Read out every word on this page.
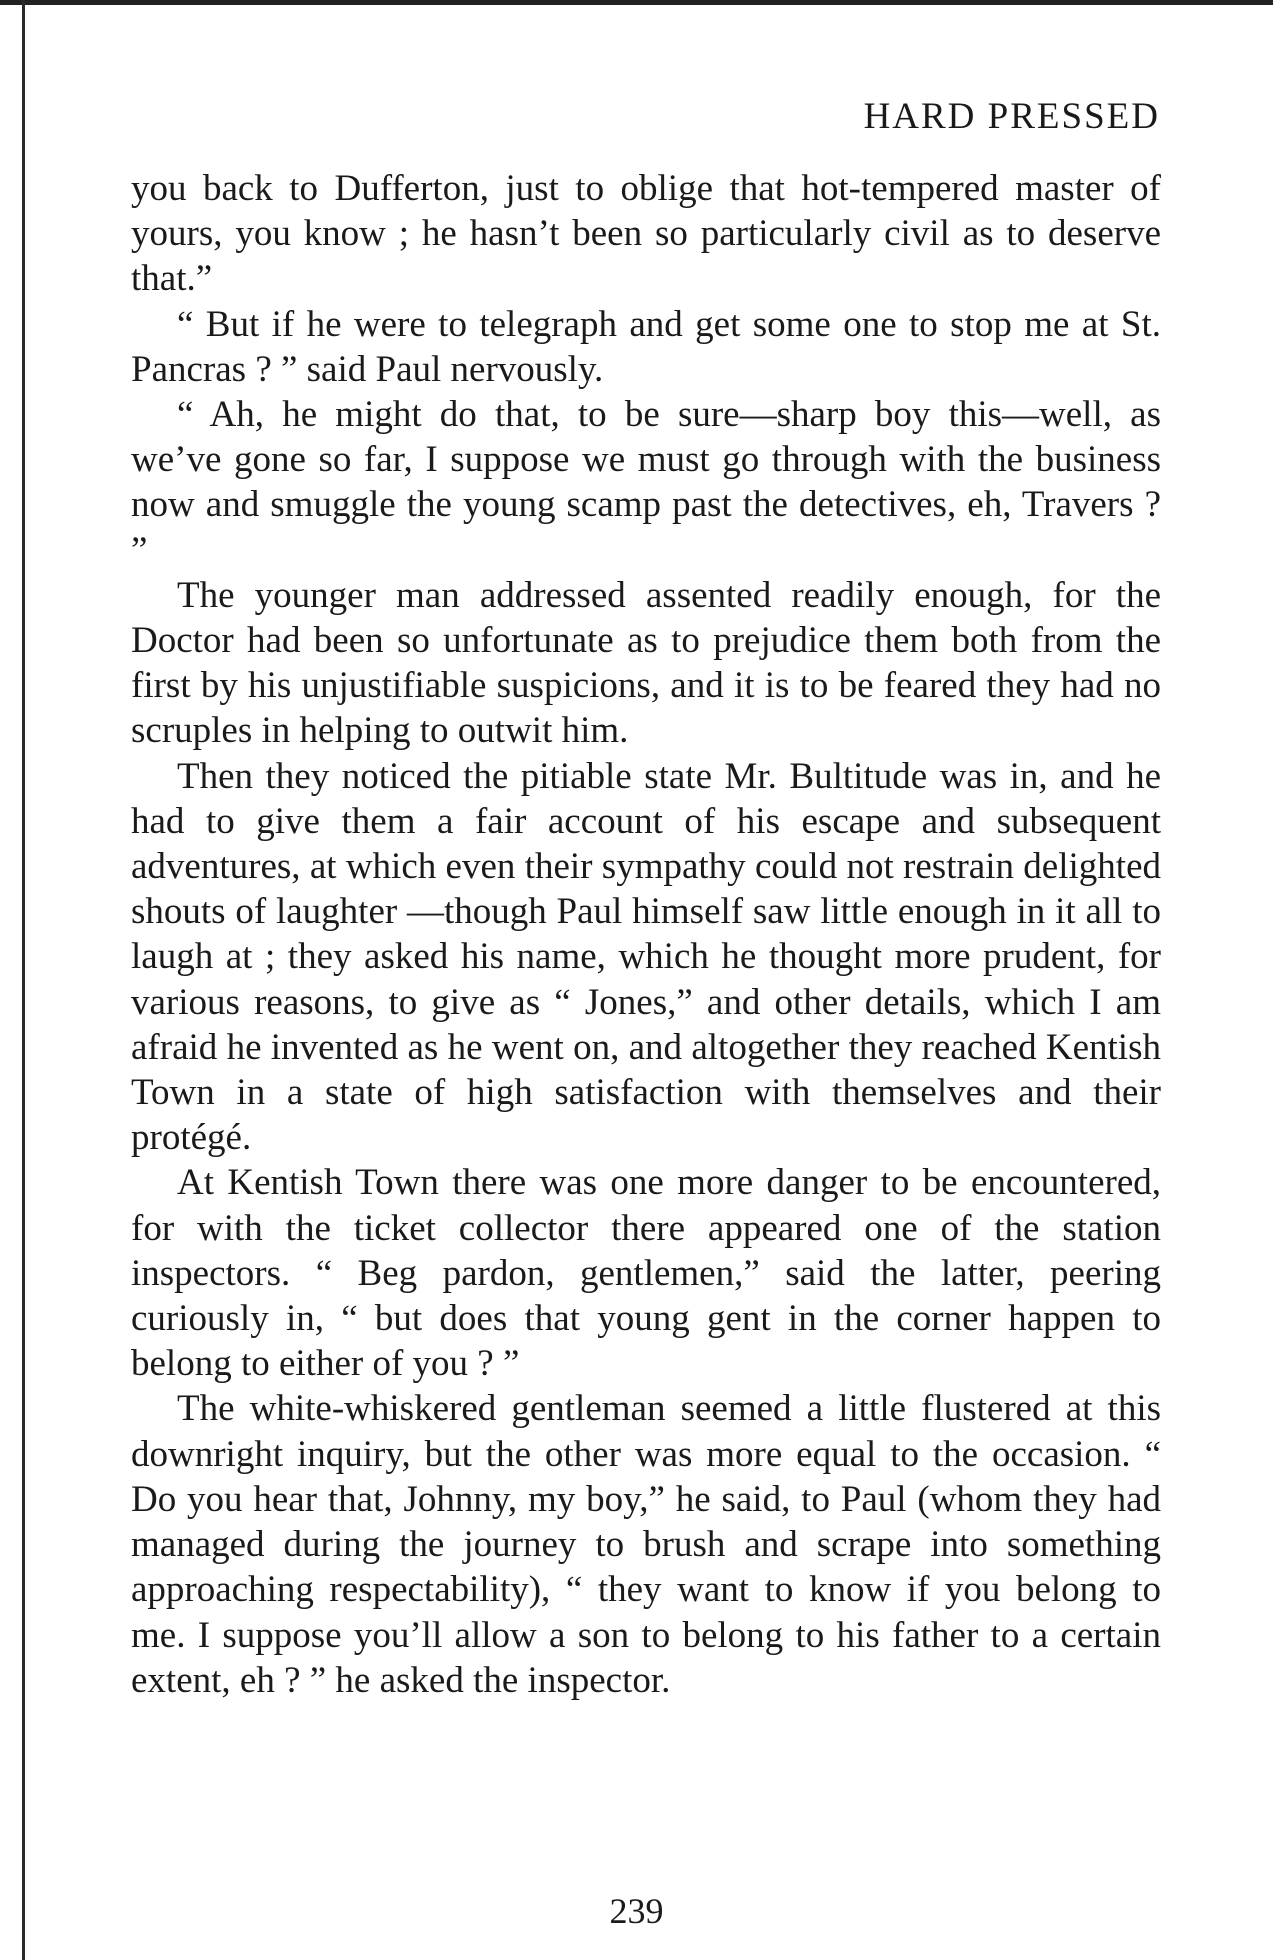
HARD PRESSED

you back to Dufferton, just to oblige that hot-tempered master of yours, you know ; he hasn’t been so particularly civil as to deserve that.”

“ But if he were to telegraph and get some one to stop me at St. Pancras ? ” said Paul nervously.

“ Ah, he might do that, to be sure—sharp boy this—well, as we’ve gone so far, I suppose we must go through with the business now and smuggle the young scamp past the detectives, eh, Travers ? ”

The younger man addressed assented readily enough, for the Doctor had been so unfortunate as to prejudice them both from the first by his unjustifiable suspicions, and it is to be feared they had no scruples in helping to outwit him.

Then they noticed the pitiable state Mr. Bultitude was in, and he had to give them a fair account of his escape and subsequent adventures, at which even their sympathy could not restrain delighted shouts of laughter —though Paul himself saw little enough in it all to laugh at ; they asked his name, which he thought more prudent, for various reasons, to give as “ Jones,” and other details, which I am afraid he invented as he went on, and altogether they reached Kentish Town in a state of high satisfaction with themselves and their protégé.

At Kentish Town there was one more danger to be encountered, for with the ticket collector there appeared one of the station inspectors. “ Beg pardon, gentlemen,” said the latter, peering curiously in, “ but does that young gent in the corner happen to belong to either of you ? ”

The white-whiskered gentleman seemed a little flustered at this downright inquiry, but the other was more equal to the occasion. “ Do you hear that, Johnny, my boy,” he said, to Paul (whom they had managed during the journey to brush and scrape into something approaching respectability), “ they want to know if you belong to me. I suppose you’ll allow a son to belong to his father to a certain extent, eh ? ” he asked the inspector.

239
